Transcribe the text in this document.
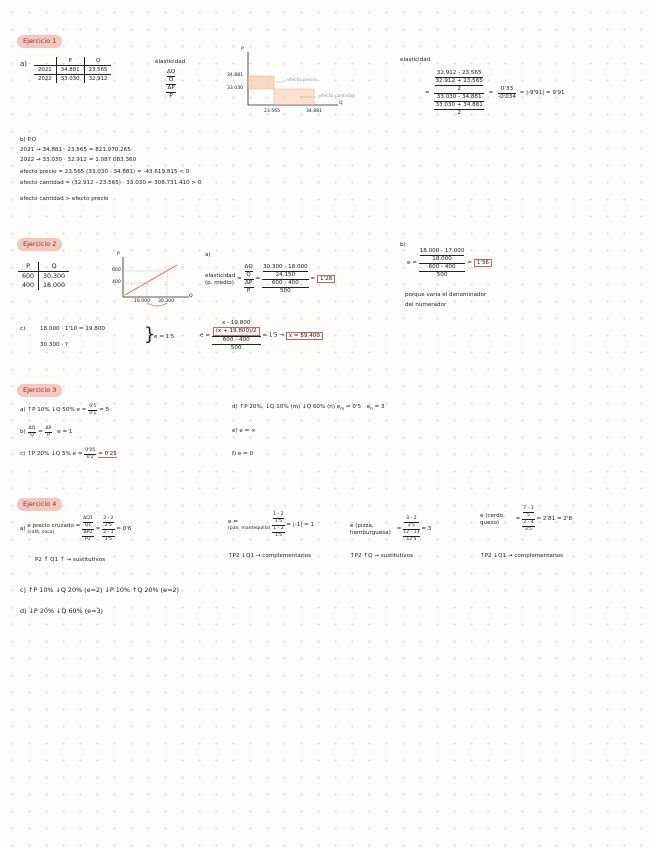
Ejercicio 1
a)
		P	Q
2021	34.881	23.565
2022	33.030	32.912
elasticidad
ΔQ
Q
ΔP
P
P
Q
34.881
33.030
23.565	34.881
efecto precio
efecto cantidad
elasticidad
= 32.912 - 23.565
32.912 + 23.565
2
33.030 - 34.881
33.030 + 34.881
$2 = \frac{0'33}{-0'034} = |-9'91| = 9'91$
b) P.Q
2021 → 34.881 · 23.565 = 821.970.265
2022 → 33.030 · 32.912 = 1.087.083.360
efecto precio = 23.565 (33.030 - 34.881) = -43.619.815 < 0
efecto cantidad = (32.912 - 23.565) · 33.030 = 308.731.410 > 0
efecto cantidad > efecto precio
Ejercicio 2
P	Q
600	30.300
400	18.000
P
Q
600
400
18.000 30.300
a)
elasticidad
(p. medio)
= ΔQ
Q
ΔP
P = 30.300 - 18.000
24.150
600 - 400
500 = 1'28
b)
e = 18.000 - 17.000
18.000
600 - 400
500 = 1'36
porque varía el denominador
del numerador
c)	18.000 · 1'10 = 19.800
30.300 · ?	}
e = 1'5	e = x - 19.800
(x + 19.800)/2
600 - 400
500 = 1'5 → x = 59.400
Ejercicio 3
a) ↑P 10% ↓Q 50% $e = \frac{0'5}{0'1} = 5$
$b) \frac{\Delta Q}{Q} = \frac{\Delta P}{P}$ e = 1
c) ↑P 20% ↓Q 5% $e = \frac{0'05}{0'2} = 0'25$
d) ↑P 20%, ↓Q 10% (m) ↓Q 60% (n) $e_m = 0'5$ $e_n = 3$
e) e = ∞
f) e = 0
Ejercicio 4
a) e precio cruzado =
(café, coca)
	ΔQ1
Q1
ΔP2
P2 = 3 - 2
2'5
2 - 1
1'5 = 0'6
P2 ↑ Q1 ↑ → sustitutivos
e =
(pan, mantequilla)
1 - 2
1'5
1 - 2
1'5 = |-1| = 1
↑P2 ↓Q1 → complementarios
e (pizza, hamburguesa)
= 3 - 2
2'5
12 - 13
12'5 = 3
↑P2 ↑Q → sustitutivos
e (cerdo, queso)
= 7 - 3
5
2 - 4
3'5 = 2'81 = 2'8
↑P2 ↓Q1 → complementarios
c) ↑P 10% ↓Q 20% (e=2) ↓P 10% ↑Q 20% (e=2)
d) ↓P 20% ↓Q 60% (e=3)
